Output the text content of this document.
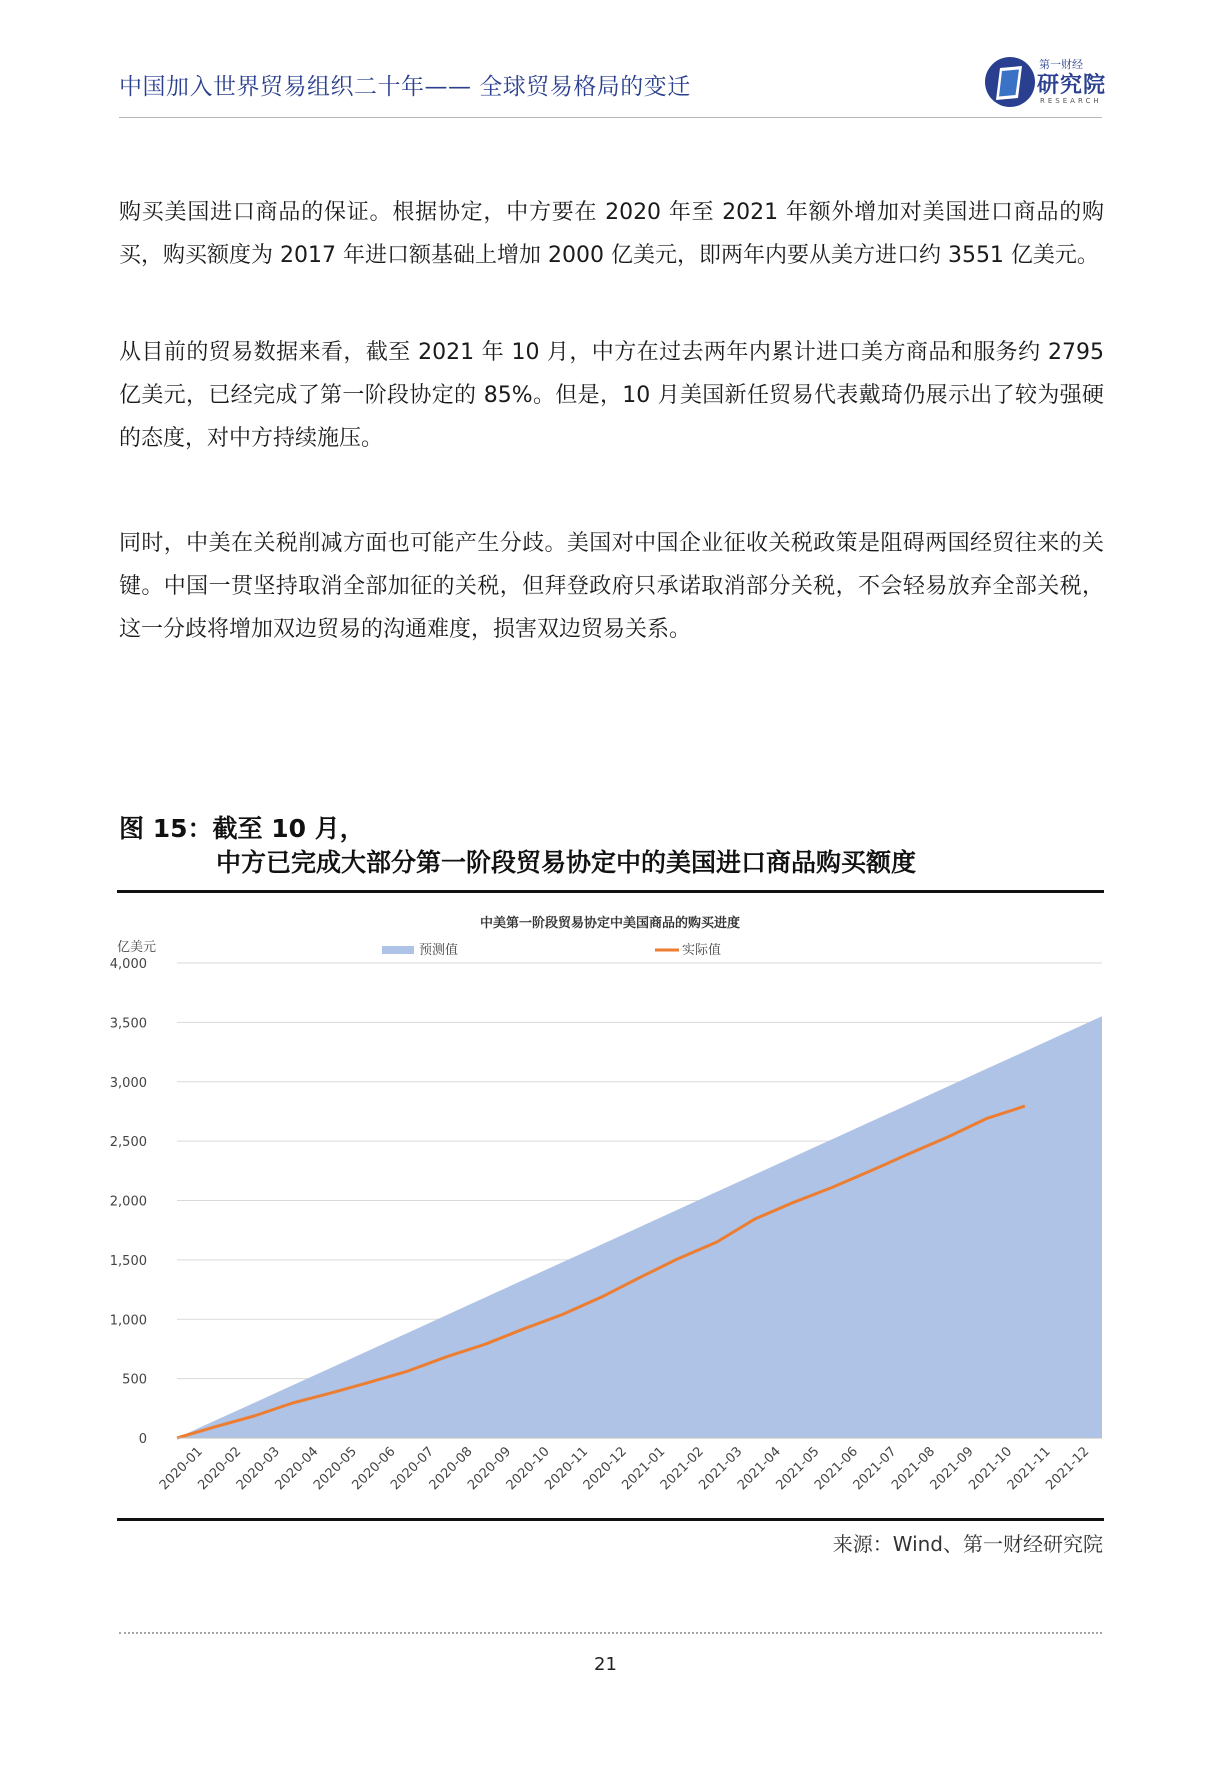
中国加入世界贸易组织二十年—— 全球贸易格局的变迁
第一财经
研究院
RESEARCH

购买美国进口商品的保证。根据协定，中方要在 2020 年至 2021 年额外增加对美国进口商品的购买，购买额度为 2017 年进口额基础上增加 2000 亿美元，即两年内要从美方进口约 3551 亿美元。

从目前的贸易数据来看，截至 2021 年 10 月，中方在过去两年内累计进口美方商品和服务约 2795 亿美元，已经完成了第一阶段协定的 85%。但是，10 月美国新任贸易代表戴琦仍展示出了较为强硬的态度，对中方持续施压。

同时，中美在关税削减方面也可能产生分歧。美国对中国企业征收关税政策是阻碍两国经贸往来的关键。中国一贯坚持取消全部加征的关税，但拜登政府只承诺取消部分关税，不会轻易放弃全部关税，这一分歧将增加双边贸易的沟通难度，损害双边贸易关系。

图 15：截至 10 月，
中方已完成大部分第一阶段贸易协定中的美国进口商品购买额度
中美第一阶段贸易协定中美国商品的购买进度
亿美元	预测值	实际值
0
500
1,000
1,500
2,000
2,500
3,000
3,500
4,000
2020-01
2020-02
2020-03
2020-04
2020-05
2020-06
2020-07
2020-08
2020-09
2020-10
2020-11
2020-12
2021-01
2021-02
2021-03
2021-04
2021-05
2021-06
2021-07
2021-08
2021-09
2021-10
2021-11
2021-12
来源：Wind、第一财经研究院
21
